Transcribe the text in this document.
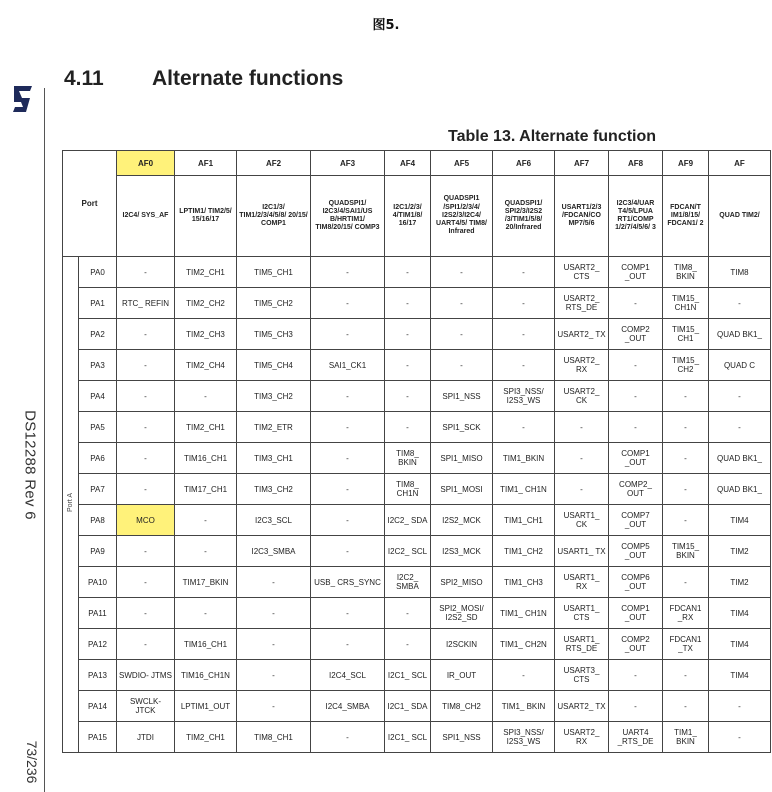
图5.
DS12288 Rev 6
73/236
4.11 Alternate functions
Table 13. Alternate function
Port		AF0	AF1	AF2	AF3	AF4	AF5	AF6	AF7	AF8	AF9	AF
		I2C4/ SYS_AF	LPTIM1/ TIM2/5/ 15/16/17	I2C1/3/ TIM1/2/3/4/5/8/ 20/15/ COMP1	QUADSPI1/ I2C3/4/SAI1/US B/HRTIM1/ TIM8/20/15/ COMP3	I2C1/2/3/ 4/TIM1/8/ 16/17	QUADSPI1 /SPI1/2/3/4/ I2S2/3/I2C4/ UART4/5/ TIM8/ Infrared	QUADSPI1/ SPI2/3/I2S2 /3/TIM1/5/8/ 20/Infrared	USART1/2/3 /FDCAN/CO MP7/5/6	I2C3/4/UAR T4/5/LPUA RT1/COMP 1/2/7/4/5/6/ 3	FDCAN/T IM1/8/15/ FDCAN1/ 2	QUAD TIM2/

Port A	PA0	-	TIM2_CH1	TIM5_CH1	-	-	-	-	USART2_ CTS	COMP1 _OUT	TIM8_ BKIN	TIM8
	PA1	RTC_ REFIN	TIM2_CH2	TIM5_CH2	-	-	-	-	USART2_ RTS_DE	-	TIM15_ CH1N	-
	PA2	-	TIM2_CH3	TIM5_CH3	-	-	-	-	USART2_ TX	COMP2 _OUT	TIM15_ CH1	QUAD BK1_
	PA3	-	TIM2_CH4	TIM5_CH4	SAI1_CK1	-	-	-	USART2_ RX	-	TIM15_ CH2	QUAD C
	PA4	-	-	TIM3_CH2	-	-	SPI1_NSS	SPI3_NSS/ I2S3_WS	USART2_ CK	-	-	-
	PA5	-	TIM2_CH1	TIM2_ETR	-	-	SPI1_SCK	-	-	-	-	-
	PA6	-	TIM16_CH1	TIM3_CH1	-	TIM8_ BKIN	SPI1_MISO	TIM1_BKIN	-	COMP1 _OUT	-	QUAD BK1_
	PA7	-	TIM17_CH1	TIM3_CH2	-	TIM8_ CH1N	SPI1_MOSI	TIM1_ CH1N	-	COMP2_ OUT	-	QUAD BK1_
	PA8	MCO	-	I2C3_SCL	-	I2C2_ SDA	I2S2_MCK	TIM1_CH1	USART1_ CK	COMP7 _OUT	-	TIM4
	PA9	-	-	I2C3_SMBA	-	I2C2_ SCL	I2S3_MCK	TIM1_CH2	USART1_ TX	COMP5 _OUT	TIM15_ BKIN	TIM2
	PA10	-	TIM17_BKIN	-	USB_ CRS_SYNC	I2C2_ SMBA	SPI2_MISO	TIM1_CH3	USART1_ RX	COMP6 _OUT	-	TIM2
	PA11	-	-	-	-	-	SPI2_MOSI/ I2S2_SD	TIM1_ CH1N	USART1_ CTS	COMP1 _OUT	FDCAN1 _RX	TIM4
	PA12	-	TIM16_CH1	-	-	-	I2SCKIN	TIM1_ CH2N	USART1_ RTS_DE	COMP2 _OUT	FDCAN1 _TX	TIM4
	PA13	SWDIO- JTMS	TIM16_CH1N	-	I2C4_SCL	I2C1_ SCL	IR_OUT	-	USART3_ CTS	-	-	TIM4
	PA14	SWCLK- JTCK	LPTIM1_OUT	-	I2C4_SMBA	I2C1_ SDA	TIM8_CH2	TIM1_ BKIN	USART2_ TX	-	-	-
	PA15	JTDI	TIM2_CH1	TIM8_CH1	-	I2C1_ SCL	SPI1_NSS	SPI3_NSS/ I2S3_WS	USART2_ RX	UART4 _RTS_DE	TIM1_ BKIN	-
